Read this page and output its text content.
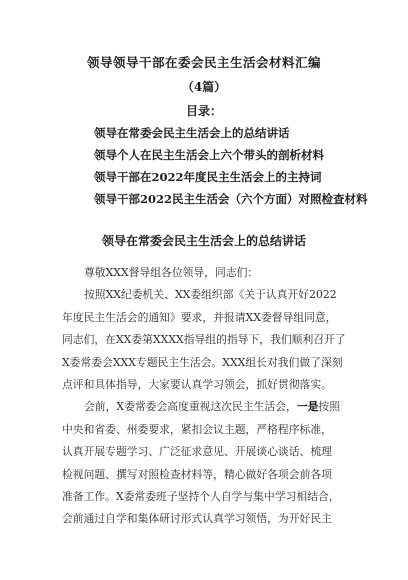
领导领导干部在委会民主生活会材料汇编
（4篇）
目录：
领导在常委会民主生活会上的总结讲话
领导个人在民主生活会上六个带头的剖析材料
领导干部在2022年度民主生活会上的主持词
领导干部2022民主生活会（六个方面）对照检查材料
领导在常委会民主生活会上的总结讲话
尊敬XXX督导组各位领导，同志们：
按照XX纪委机关、XX委组织部《关于认真开好2022
年度民主生活会的通知》要求，并报请XX委督导组同意，
同志们，在XX委第XXXX指导组的指导下，我们顺利召开了
X委常委会XXX专题民主生活会。XXX组长对我们做了深刻
点评和具体指导，大家要认真学习领会，抓好贯彻落实。
会前，X委常委会高度重视这次民主生活会，一是按照
中央和省委、州委要求，紧扣会议主题，严格程序标准，
认真开展专题学习、广泛征求意见、开展谈心谈话、梳理
检视问题、撰写对照检查材料等，精心做好各项会前各项
准备工作。X委常委班子坚持个人自学与集中学习相结合，
会前通过自学和集体研讨形式认真学习领悟，为开好民主
